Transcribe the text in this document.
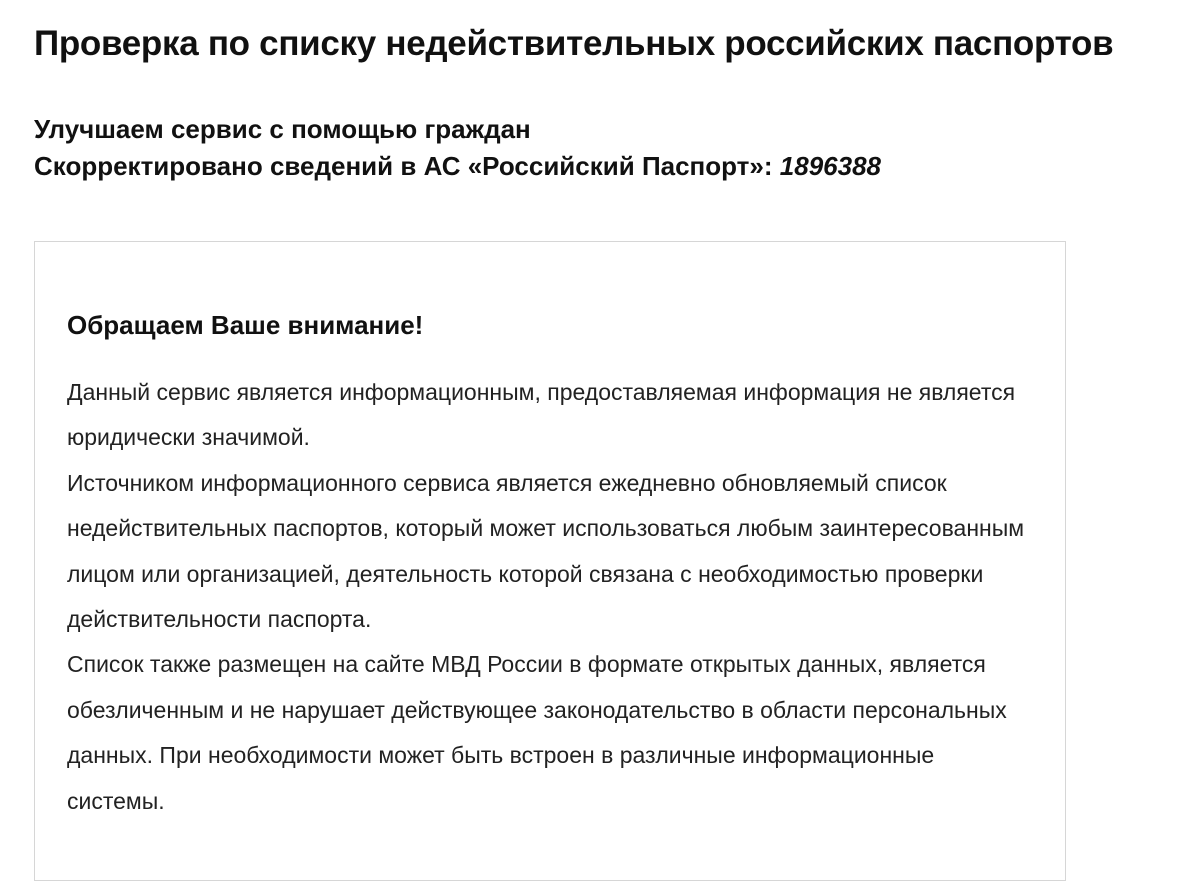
Проверка по списку недействительных российских паспортов
Улучшаем сервис с помощью граждан
Скорректировано сведений в АС «Российский Паспорт»: 1896388
Обращаем Ваше внимание!

Данный сервис является информационным, предоставляемая информация не является юридически значимой.

Источником информационного сервиса является ежедневно обновляемый список недействительных паспортов, который может использоваться любым заинтересованным лицом или организацией, деятельность которой связана с необходимостью проверки действительности паспорта.

Список также размещен на сайте МВД России в формате открытых данных, является обезличенным и не нарушает действующее законодательство в области персональных данных. При необходимости может быть встроен в различные информационные системы.
